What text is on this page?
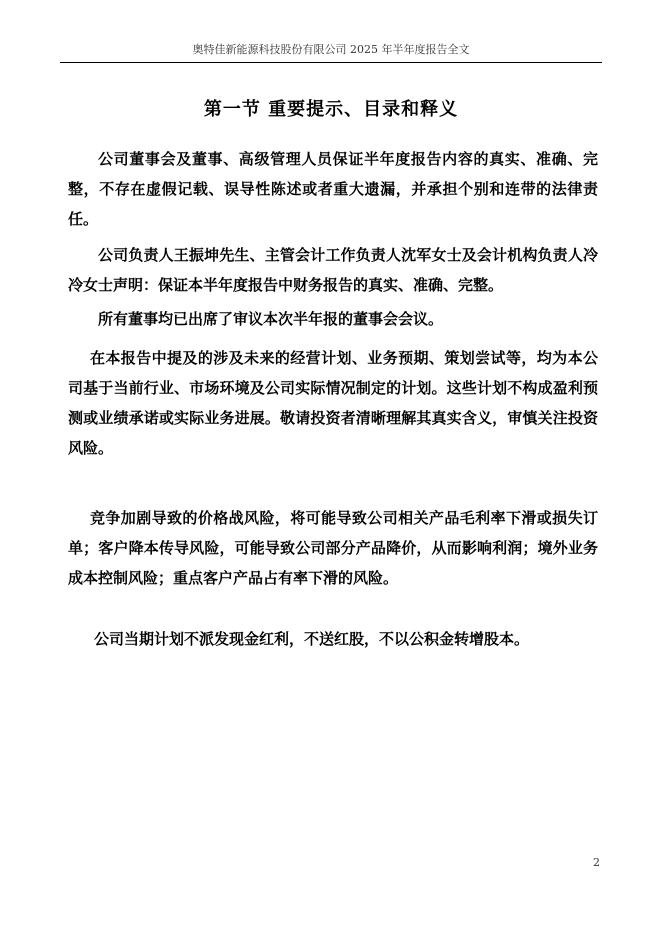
奥特佳新能源科技股份有限公司 2025 年半年度报告全文
第一节 重要提示、目录和释义
公司董事会及董事、高级管理人员保证半年度报告内容的真实、准确、完整，不存在虚假记载、误导性陈述或者重大遗漏，并承担个别和连带的法律责任。
公司负责人王振坤先生、主管会计工作负责人沈军女士及会计机构负责人冷冷女士声明：保证本半年度报告中财务报告的真实、准确、完整。
所有董事均已出席了审议本次半年报的董事会会议。
在本报告中提及的涉及未来的经营计划、业务预期、策划尝试等，均为本公司基于当前行业、市场环境及公司实际情况制定的计划。这些计划不构成盈利预测或业绩承诺或实际业务进展。敬请投资者清晰理解其真实含义，审慎关注投资风险。
竞争加剧导致的价格战风险，将可能导致公司相关产品毛利率下滑或损失订单；客户降本传导风险，可能导致公司部分产品降价，从而影响利润；境外业务成本控制风险；重点客户产品占有率下滑的风险。
公司当期计划不派发现金红利，不送红股，不以公积金转增股本。
2
